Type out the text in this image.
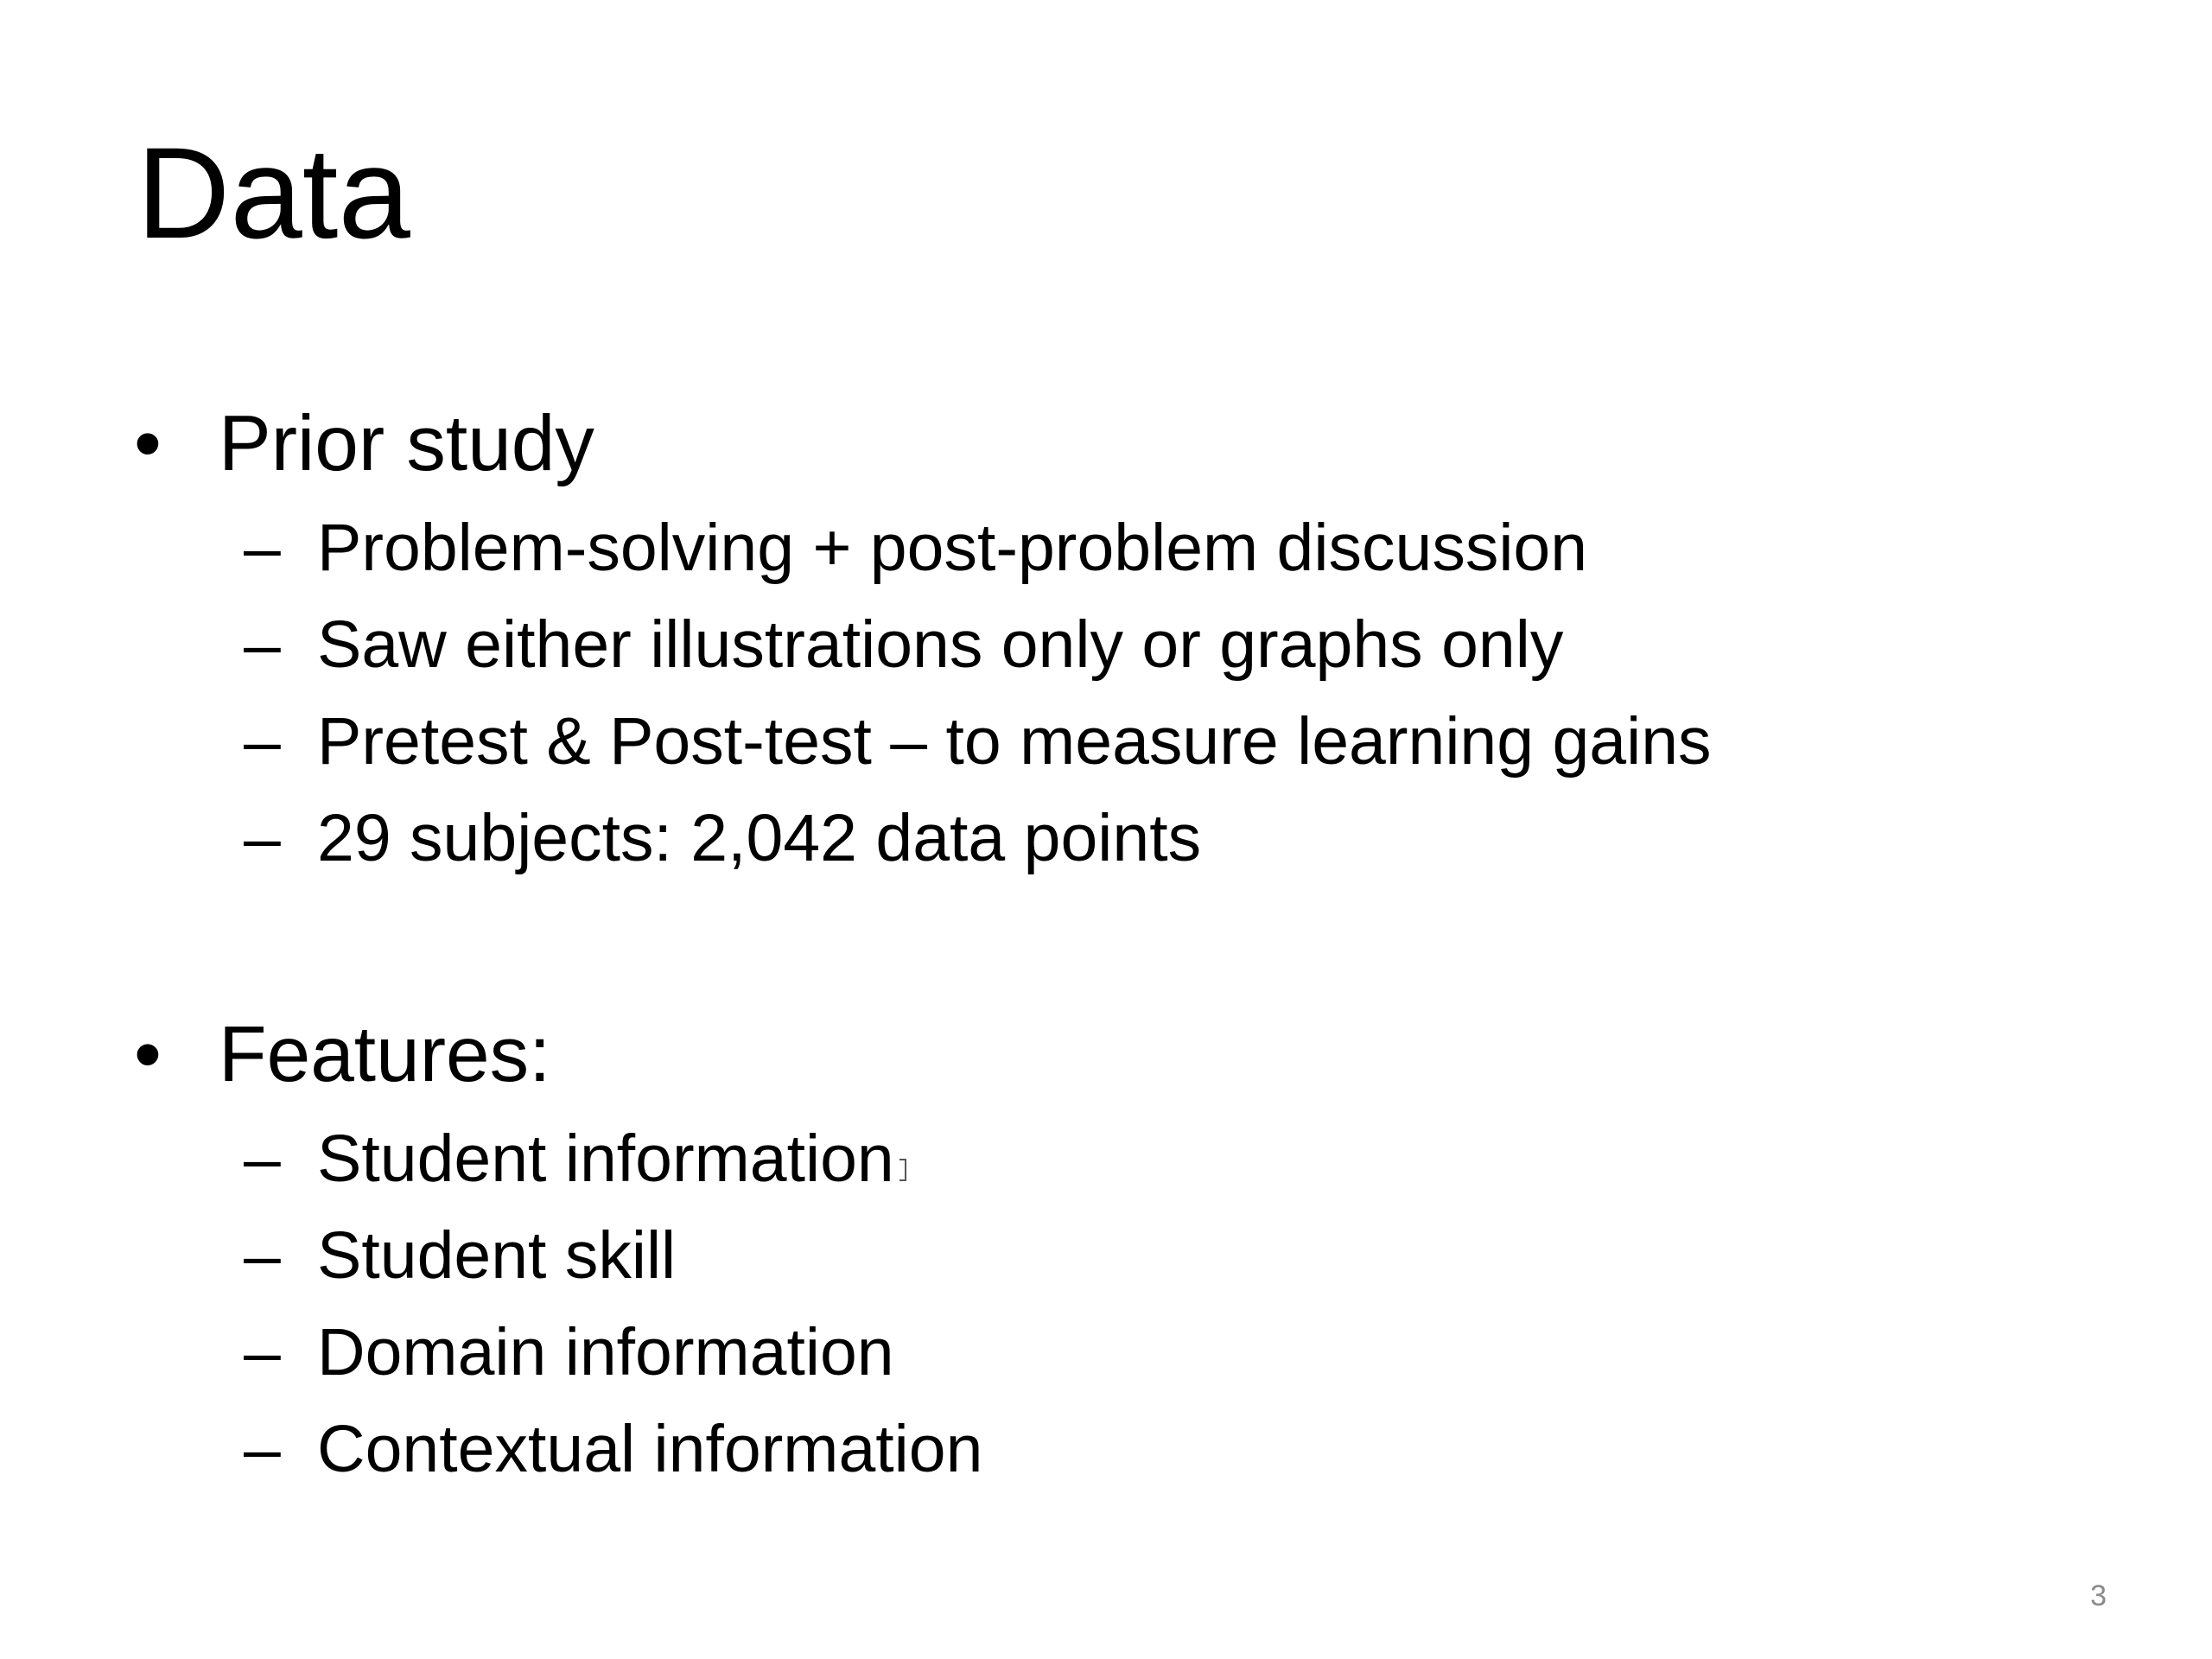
Data
• Prior study
– Problem-solving + post-problem discussion
– Saw either illustrations only or graphs only
– Pretest & Post-test – to measure learning gains
– 29 subjects: 2,042 data points
• Features:
– Student information
– Student skill
– Domain information
– Contextual information
3
